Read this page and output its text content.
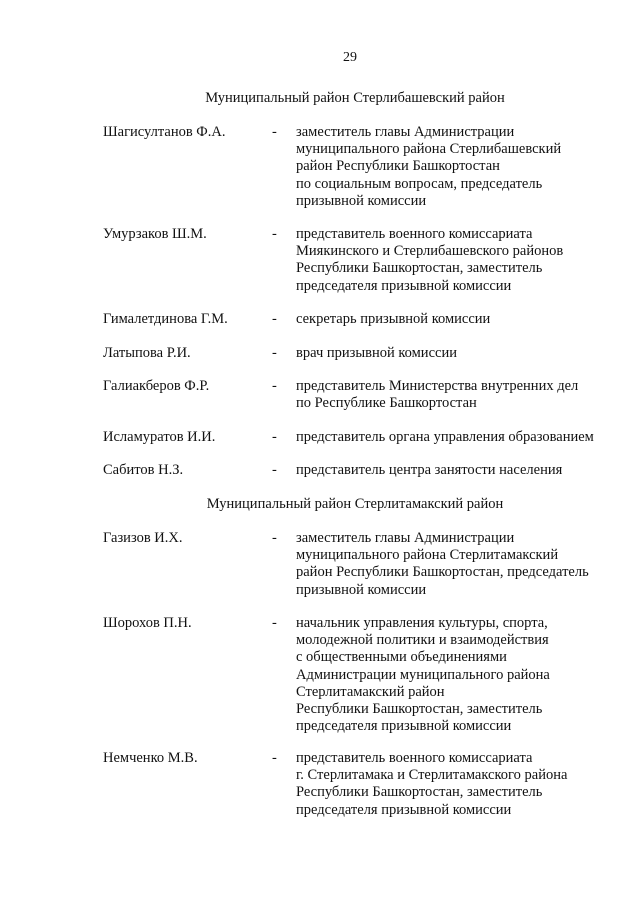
29
Муниципальный район Стерлибашевский район
Шагисултанов Ф.А.	- заместитель главы Администрации
муниципального района Стерлибашевский
район Республики Башкортостан
по социальным вопросам, председатель
призывной комиссии
Умурзаков Ш.М.	- представитель военного комиссариата
Миякинского и Стерлибашевского районов
Республики Башкортостан, заместитель
председателя призывной комиссии
Гималетдинова Г.М.	- секретарь призывной комиссии
Латыпова Р.И.	- врач призывной комиссии
Галиакберов Ф.Р.	- представитель Министерства внутренних дел
по Республике Башкортостан
Исламуратов И.И.	- представитель органа управления образованием
Сабитов Н.З.	- представитель центра занятости населения
Муниципальный район Стерлитамакский район
Газизов И.Х.	- заместитель главы Администрации
муниципального района Стерлитамакский
район Республики Башкортостан, председатель
призывной комиссии
Шорохов П.Н.	- начальник управления культуры, спорта,
молодежной политики и взаимодействия
с общественными объединениями
Администрации муниципального района
Стерлитамакский район
Республики Башкортостан, заместитель
председателя призывной комиссии
Немченко М.В.	- представитель военного комиссариата
г. Стерлитамака и Стерлитамакского района
Республики Башкортостан, заместитель
председателя призывной комиссии
